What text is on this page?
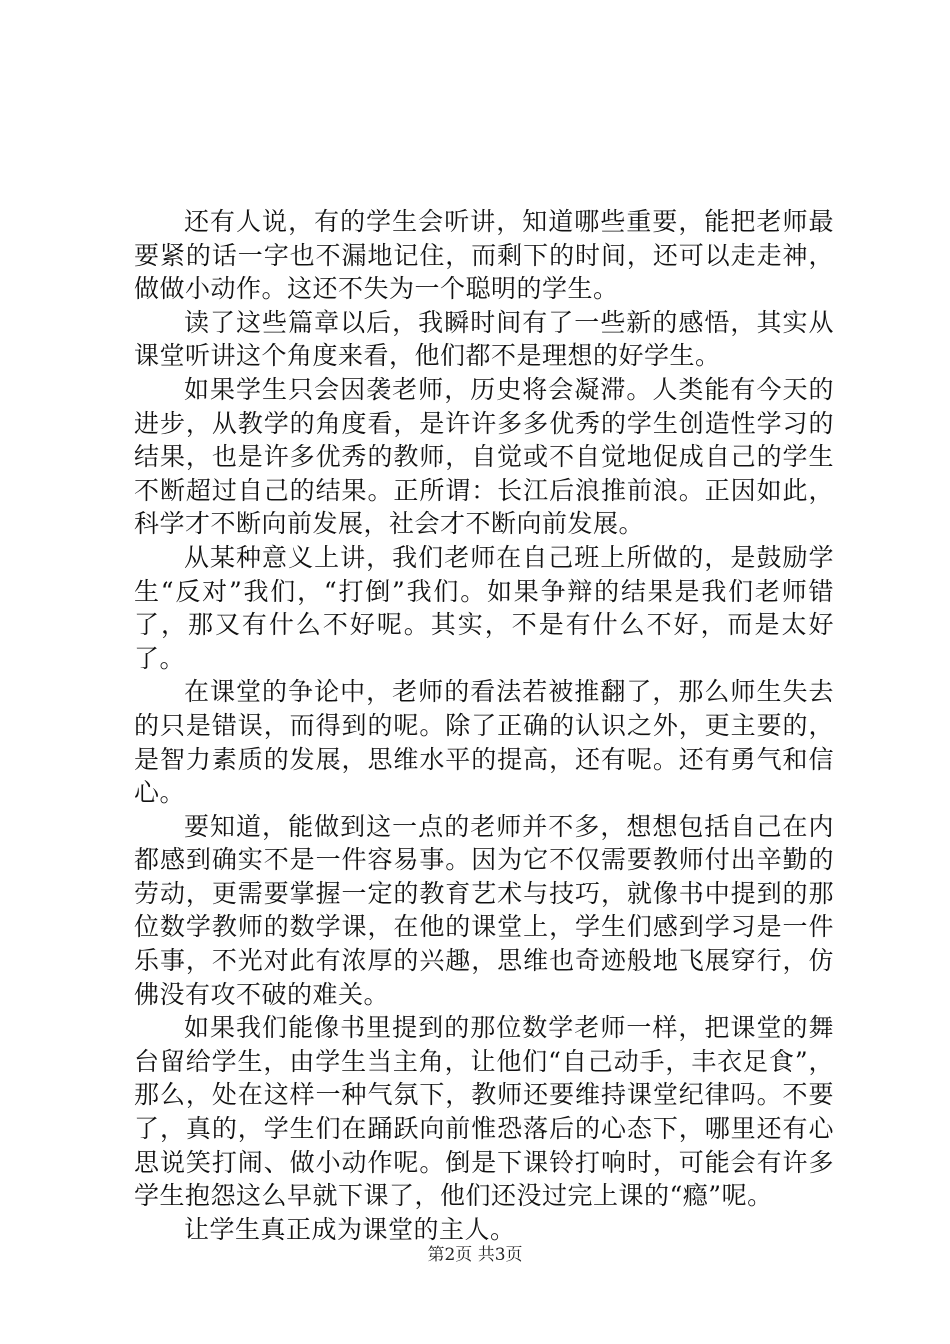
还有人说，有的学生会听讲，知道哪些重要，能把老师最要紧的话一字也不漏地记住，而剩下的时间，还可以走走神，做做小动作。这还不失为一个聪明的学生。

读了这些篇章以后，我瞬时间有了一些新的感悟，其实从课堂听讲这个角度来看，他们都不是理想的好学生。

如果学生只会因袭老师，历史将会凝滞。人类能有今天的进步，从教学的角度看，是许许多多优秀的学生创造性学习的结果，也是许多优秀的教师，自觉或不自觉地促成自己的学生不断超过自己的结果。正所谓：长江后浪推前浪。正因如此，科学才不断向前发展，社会才不断向前发展。

从某种意义上讲，我们老师在自己班上所做的，是鼓励学生“反对”我们，“打倒”我们。如果争辩的结果是我们老师错了，那又有什么不好呢。其实，不是有什么不好，而是太好了。

在课堂的争论中，老师的看法若被推翻了，那么师生失去的只是错误，而得到的呢。除了正确的认识之外，更主要的，是智力素质的发展，思维水平的提高，还有呢。还有勇气和信心。

要知道，能做到这一点的老师并不多，想想包括自己在内都感到确实不是一件容易事。因为它不仅需要教师付出辛勤的劳动，更需要掌握一定的教育艺术与技巧，就像书中提到的那位数学教师的数学课，在他的课堂上，学生们感到学习是一件乐事，不光对此有浓厚的兴趣，思维也奇迹般地飞展穿行，仿佛没有攻不破的难关。

如果我们能像书里提到的那位数学老师一样，把课堂的舞台留给学生，由学生当主角，让他们“自己动手，丰衣足食”，那么，处在这样一种气氛下，教师还要维持课堂纪律吗。不要了，真的，学生们在踊跃向前惟恐落后的心态下，哪里还有心思说笑打闹、做小动作呢。倒是下课铃打响时，可能会有许多学生抱怨这么早就下课了，他们还没过完上课的“瘾”呢。

让学生真正成为课堂的主人。

第2页 共3页
